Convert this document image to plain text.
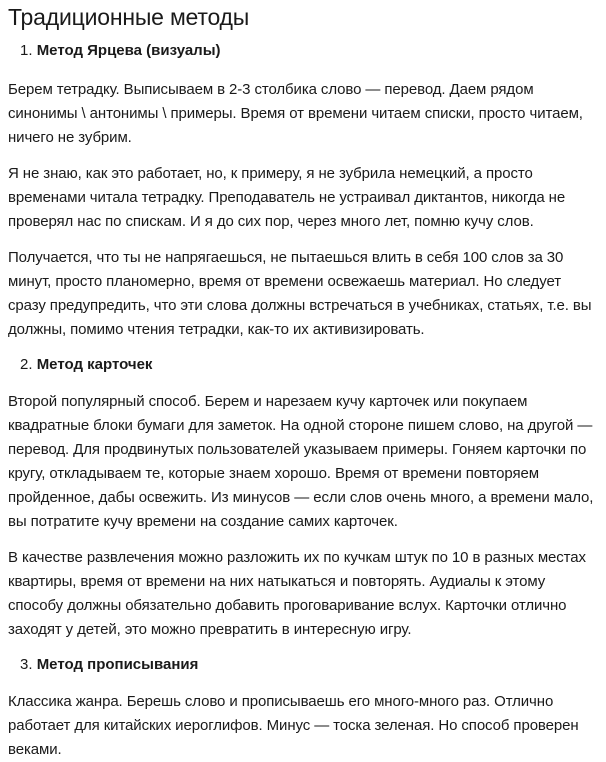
Традиционные методы
1. Метод Ярцева (визуалы)

Берем тетрадку. Выписываем в 2-3 столбика слово — перевод. Даем рядом синонимы \ антонимы \ примеры. Время от времени читаем списки, просто читаем, ничего не зубрим.

Я не знаю, как это работает, но, к примеру, я не зубрила немецкий, а просто временами читала тетрадку. Преподаватель не устраивал диктантов, никогда не проверял нас по спискам. И я до сих пор, через много лет, помню кучу слов.

Получается, что ты не напрягаешься, не пытаешься влить в себя 100 слов за 30 минут, просто планомерно, время от времени освежаешь материал. Но следует сразу предупредить, что эти слова должны встречаться в учебниках, статьях, т.е. вы должны, помимо чтения тетрадки, как-то их активизировать.

2. Метод карточек

Второй популярный способ. Берем и нарезаем кучу карточек или покупаем квадратные блоки бумаги для заметок. На одной стороне пишем слово, на другой — перевод. Для продвинутых пользователей указываем примеры. Гоняем карточки по кругу, откладываем те, которые знаем хорошо. Время от времени повторяем пройденное, дабы освежить. Из минусов — если слов очень много, а времени мало, вы потратите кучу времени на создание самих карточек.

В качестве развлечения можно разложить их по кучкам штук по 10 в разных местах квартиры, время от времени на них натыкаться и повторять. Аудиалы к этому способу должны обязательно добавить проговаривание вслух. Карточки отлично заходят у детей, это можно превратить в интересную игру.

3. Метод прописывания

Классика жанра. Берешь слово и прописываешь его много-много раз. Отлично работает для китайских иероглифов. Минус — тоска зеленая. Но способ проверен веками.
